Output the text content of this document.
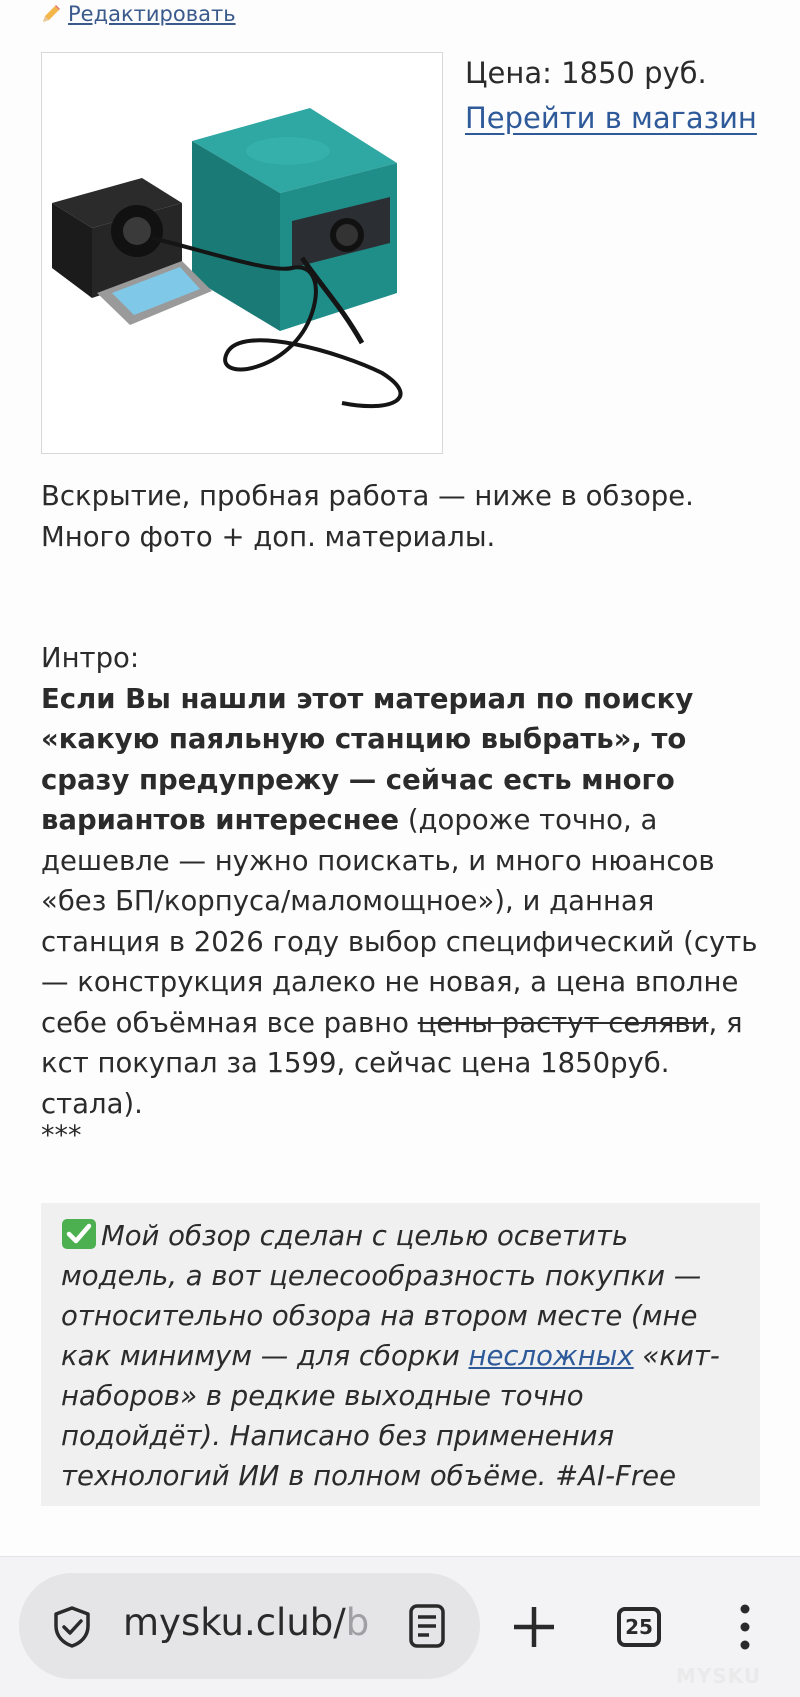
Редактировать
Цена: 1850 руб.
Перейти в магазин
Вскрытие, пробная работа — ниже в обзоре.
Много фото + доп. материалы.
Интро:
Если Вы нашли этот материал по поиску «какую паяльную станцию выбрать», то сразу предупрежу — сейчас есть много вариантов интереснее (дороже точно, а дешевле — нужно поискать, и много нюансов «без БП/корпуса/маломощное»), и данная станция в 2026 году выбор специфический (суть — конструкция далеко не новая, а цена вполне себе объёмная все равно цены растут селяви, я кст покупал за 1599, сейчас цена 1850руб. стала).
***
Мой обзор сделан с целью осветить модель, а вот целесообразность покупки — относительно обзора на втором месте (мне как минимум — для сборки несложных «кит-наборов» в редкие выходные точно подойдёт). Написано без применения технологий ИИ в полном объёме. #AI-Free
mysku.club/b	25
MYSKU
